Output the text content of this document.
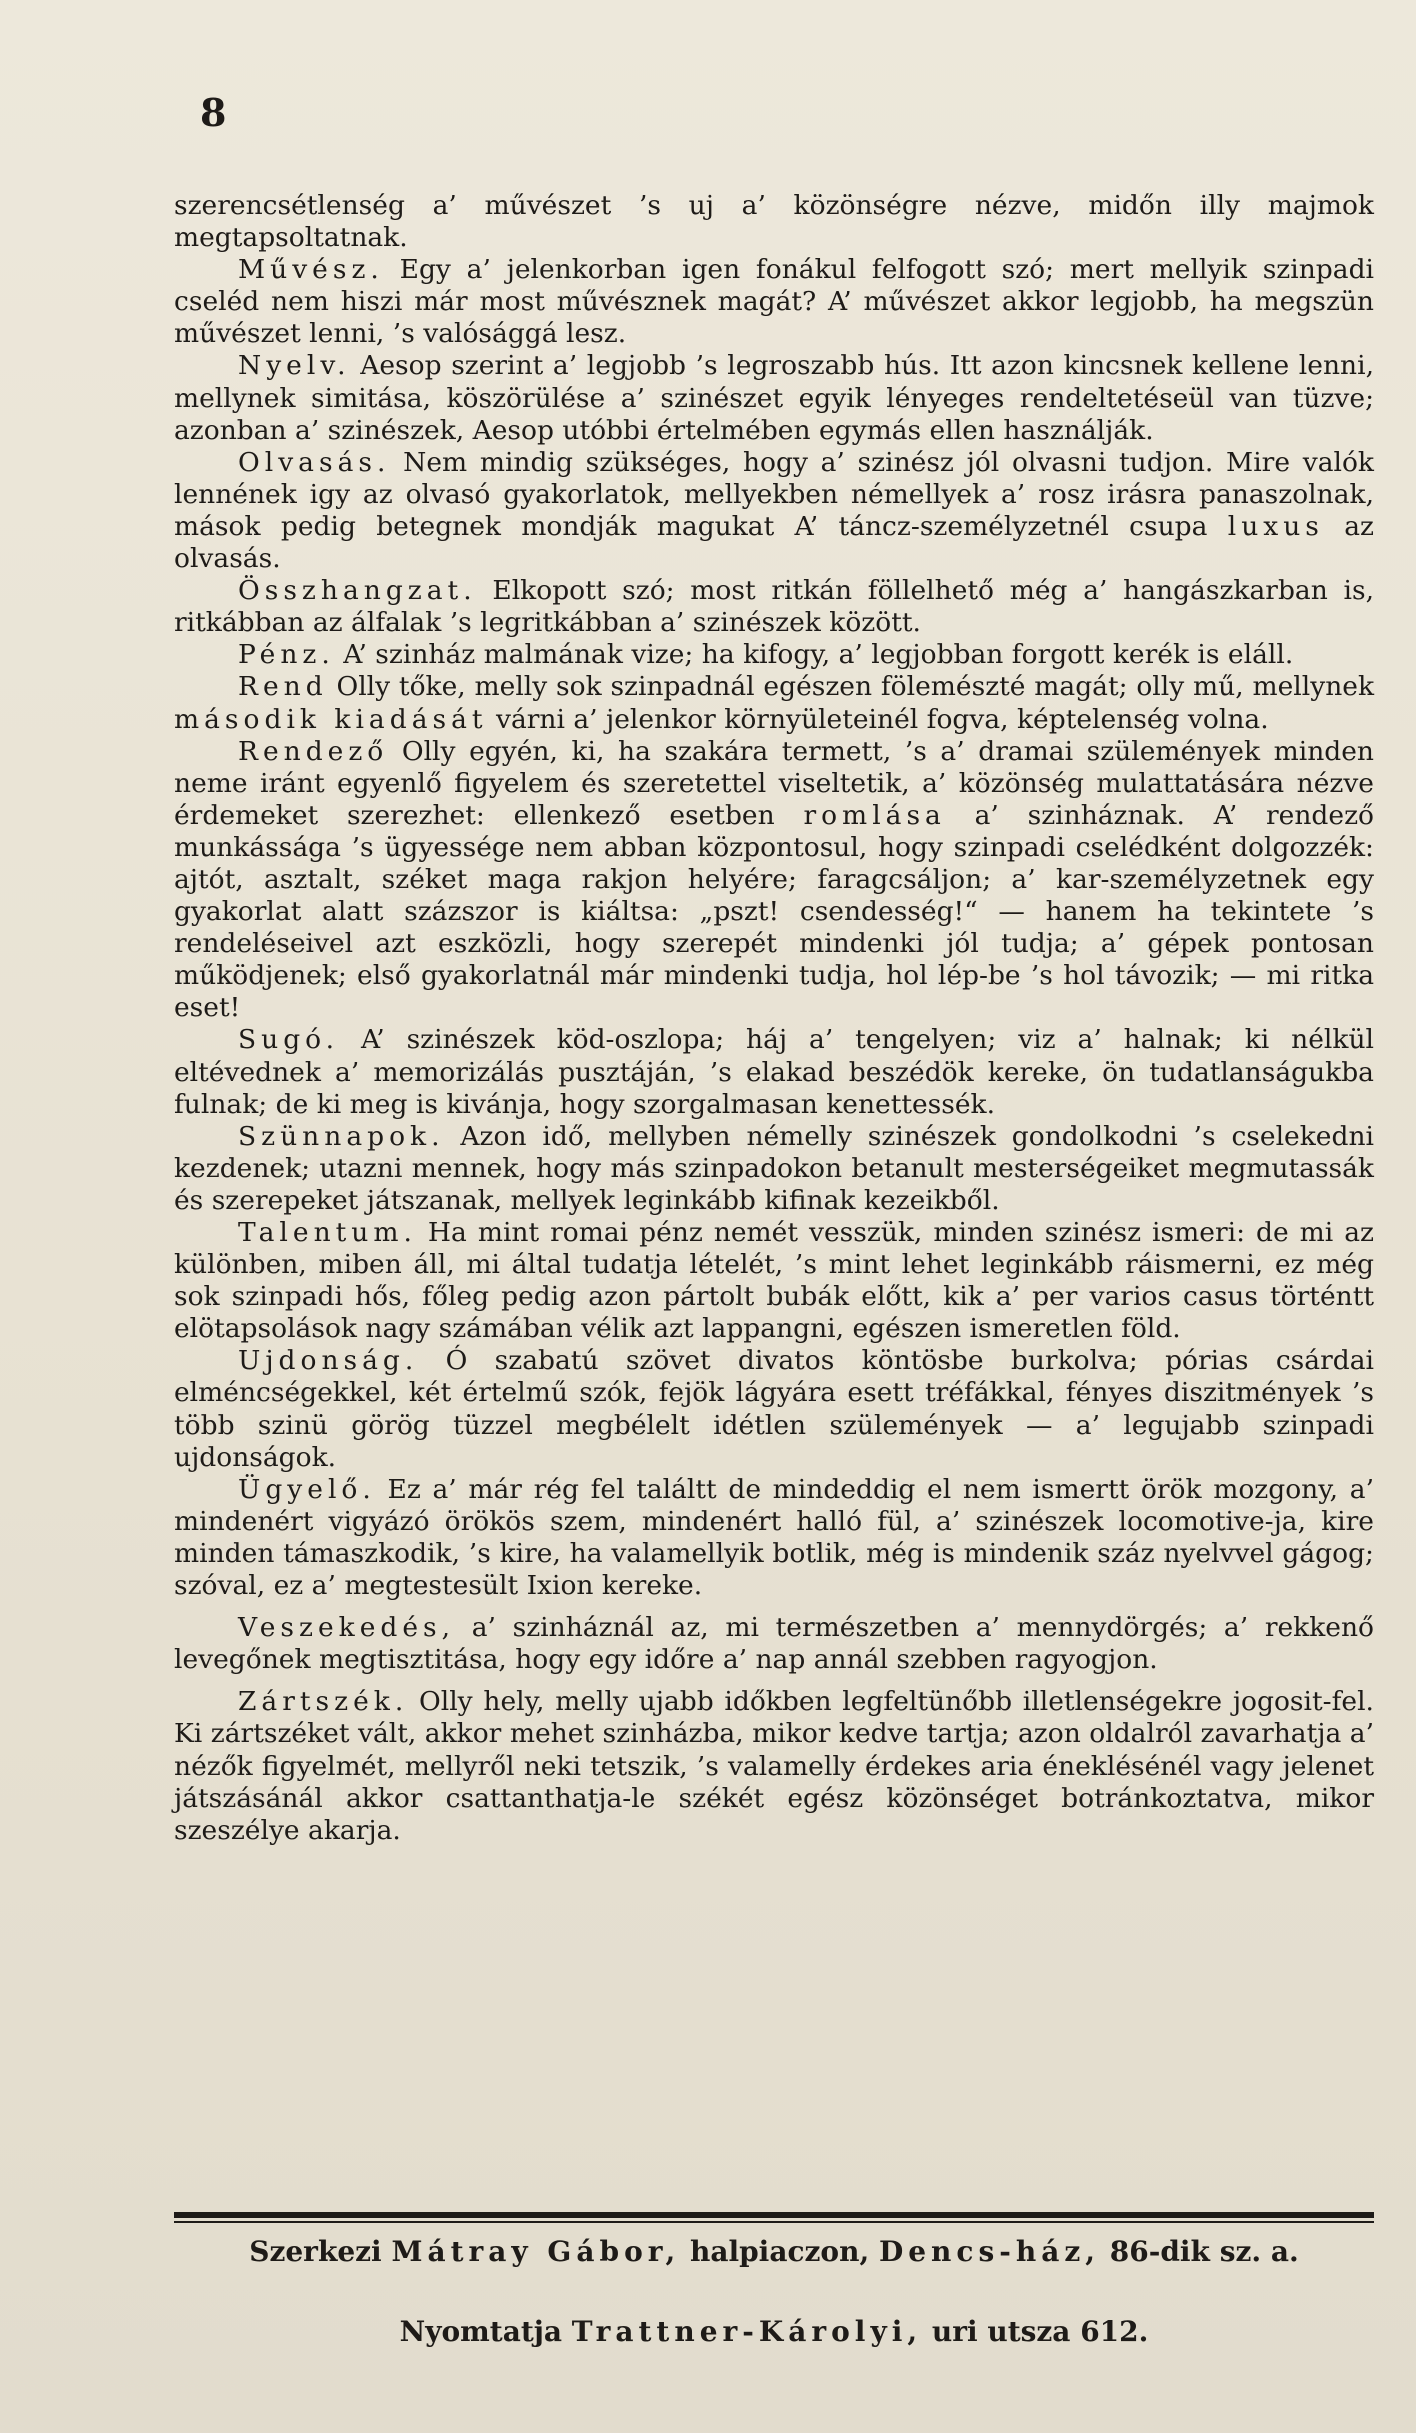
8

szerencsétlenség a’ művészet ’s uj a’ közönségre nézve, midőn illy majmok megtapsoltatnak.

Művész. Egy a’ jelenkorban igen fonákul felfogott szó; mert mellyik szinpadi cseléd nem hiszi már most művésznek magát? A’ művészet akkor legjobb, ha megszün művészet lenni, ’s valósággá lesz.

Nyelv. Aesop szerint a’ legjobb ’s legroszabb hús. Itt azon kincsnek kellene lenni, mellynek simitása, köszörülése a’ szinészet egyik lényeges rendeltetéseül van tüzve; azonban a’ szinészek, Aesop utóbbi értelmében egymás ellen használják.

Olvasás. Nem mindig szükséges, hogy a’ szinész jól olvasni tudjon. Mire valók lennének igy az olvasó gyakorlatok, mellyekben némellyek a’ rosz irásra panaszolnak, mások pedig betegnek mondják magukat A’ táncz-személyzetnél csupa luxus az olvasás.

Összhangzat. Elkopott szó; most ritkán föllelhető még a’ hangászkarban is, ritkábban az álfalak ’s legritkábban a’ szinészek között.

Pénz. A’ szinház malmának vize; ha kifogy, a’ legjobban forgott kerék is eláll.

Rend Olly tőke, melly sok szinpadnál egészen fölemészté magát; olly mű, mellynek második kiadását várni a’ jelenkor környületeinél fogva, képtelenség volna.

Rendező Olly egyén, ki, ha szakára termett, ’s a’ dramai szülemények minden neme iránt egyenlő figyelem és szeretettel viseltetik, a’ közönség mulattatására nézve érdemeket szerezhet: ellenkező esetben romlása a’ szinháznak. A’ rendező munkássága ’s ügyessége nem abban központosul, hogy szinpadi cselédként dolgozzék: ajtót, asztalt, széket maga rakjon helyére; faragcsáljon; a’ kar-személyzetnek egy gyakorlat alatt százszor is kiáltsa: „pszt! csendesség!“ — hanem ha tekintete ’s rendeléseivel azt eszközli, hogy szerepét mindenki jól tudja; a’ gépek pontosan működjenek; első gyakorlatnál már mindenki tudja, hol lép-be ’s hol távozik; — mi ritka eset!

Sugó. A’ szinészek köd-oszlopa; háj a’ tengelyen; viz a’ halnak; ki nélkül eltévednek a’ memorizálás pusztáján, ’s elakad beszédök kereke, ön tudatlanságukba fulnak; de ki meg is kivánja, hogy szorgalmasan kenettessék.

Szünnapok. Azon idő, mellyben némelly szinészek gondolkodni ’s cselekedni kezdenek; utazni mennek, hogy más szinpadokon betanult mesterségeiket megmutassák és szerepeket játszanak, mellyek leginkább kifinak kezeikből.

Talentum. Ha mint romai pénz nemét vesszük, minden szinész ismeri: de mi az különben, miben áll, mi által tudatja lételét, ’s mint lehet leginkább ráismerni, ez még sok szinpadi hős, főleg pedig azon pártolt bubák előtt, kik a’ per varios casus történtt elötapsolások nagy számában vélik azt lappangni, egészen ismeretlen föld.

Ujdonság. Ó szabatú szövet divatos köntösbe burkolva; pórias csárdai elméncségekkel, két értelmű szók, fejök lágyára esett tréfákkal, fényes diszitmények ’s több szinü görög tüzzel megbélelt idétlen szülemények — a’ legujabb szinpadi ujdonságok.

Ügyelő. Ez a’ már rég fel találtt de mindeddig el nem ismertt örök mozgony, a’ mindenért vigyázó örökös szem, mindenért halló fül, a’ szinészek locomotive-ja, kire minden támaszkodik, ’s kire, ha valamellyik botlik, még is mindenik száz nyelvvel gágog; szóval, ez a’ megtestesült Ixion kereke.

Veszekedés, a’ szinháznál az, mi természetben a’ mennydörgés; a’ rekkenő levegőnek megtisztitása, hogy egy időre a’ nap annál szebben ragyogjon.

Zártszék. Olly hely, melly ujabb időkben legfeltünőbb illetlenségekre jogosit-fel. Ki zártszéket vált, akkor mehet szinházba, mikor kedve tartja; azon oldalról zavarhatja a’ nézők figyelmét, mellyről neki tetszik, ’s valamelly érdekes aria éneklésénél vagy jelenet játszásánál akkor csattanthatja-le székét egész közönséget botránkoztatva, mikor szeszélye akarja.

Szerkezi Mátray Gábor, halpiaczon, Dencs-ház, 86-dik sz. a.
Nyomtatja Trattner-Károlyi, uri utsza 612.
